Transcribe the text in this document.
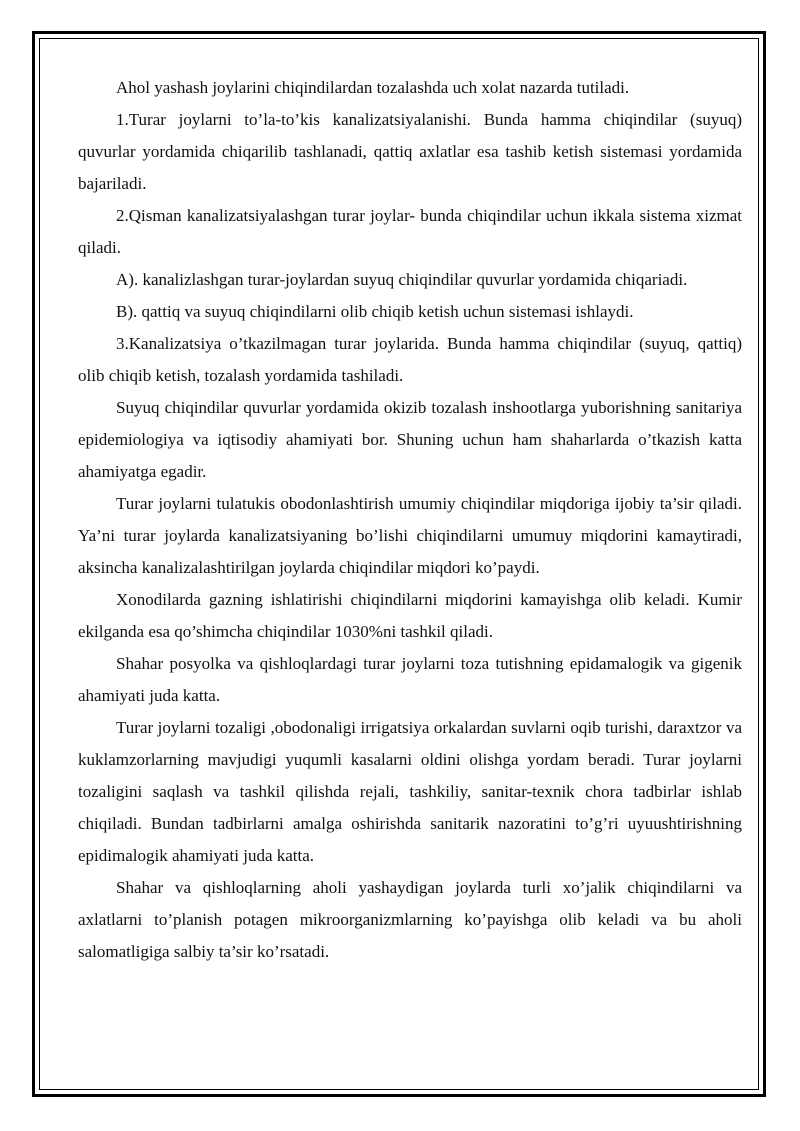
Ahol yashash joylarini chiqindilardan tozalashda uch xolat nazarda tutiladi.

1.Turar joylarni to’la-to’kis kanalizatsiyalanishi. Bunda hamma chiqindilar (suyuq) quvurlar yordamida chiqarilib tashlanadi, qattiq axlatlar esa tashib ketish sistemasi yordamida bajariladi.

2.Qisman kanalizatsiyalashgan turar joylar- bunda chiqindilar uchun ikkala sistema xizmat qiladi.

A). kanalizlashgan turar-joylardan suyuq chiqindilar quvurlar yordamida chiqariadi.

B). qattiq va suyuq chiqindilarni olib chiqib ketish uchun sistemasi ishlaydi.

3.Kanalizatsiya o’tkazilmagan turar joylarida. Bunda hamma chiqindilar (suyuq, qattiq) olib chiqib ketish, tozalash yordamida tashiladi.

Suyuq chiqindilar quvurlar yordamida okizib tozalash inshootlarga yuborishning sanitariya epidemiologiya va iqtisodiy ahamiyati bor. Shuning uchun ham shaharlarda o’tkazish katta ahamiyatga egadir.

Turar joylarni tulatukis obodonlashtirish umumiy chiqindilar miqdoriga ijobiy ta’sir qiladi. Ya’ni turar joylarda kanalizatsiyaning bo’lishi chiqindilarni umumuy miqdorini kamaytiradi, aksincha kanalizalashtirilgan joylarda chiqindilar miqdori ko’paydi.

Xonodilarda gazning ishlatirishi chiqindilarni miqdorini kamayishga olib keladi. Kumir ekilganda esa qo’shimcha chiqindilar 1030%ni tashkil qiladi.

Shahar posyolka va qishloqlardagi turar joylarni toza tutishning epidamalogik va gigenik ahamiyati juda katta.

Turar joylarni tozaligi ,obodonaligi irrigatsiya orkalardan suvlarni oqib turishi, daraxtzor va kuklamzorlarning mavjudigi yuqumli kasalarni oldini olishga yordam beradi. Turar joylarni tozaligini saqlash va tashkil qilishda rejali, tashkiliy, sanitar-texnik chora tadbirlar ishlab chiqiladi. Bundan tadbirlarni amalga oshirishda sanitarik nazoratini to’g’ri uyuushtirishning epidimalogik ahamiyati juda katta.

Shahar va qishloqlarning aholi yashaydigan joylarda turli xo’jalik chiqindilarni va axlatlarni to’planish potagen mikroorganizmlarning ko’payishga olib keladi va bu aholi salomatligiga salbiy ta’sir ko’rsatadi.
